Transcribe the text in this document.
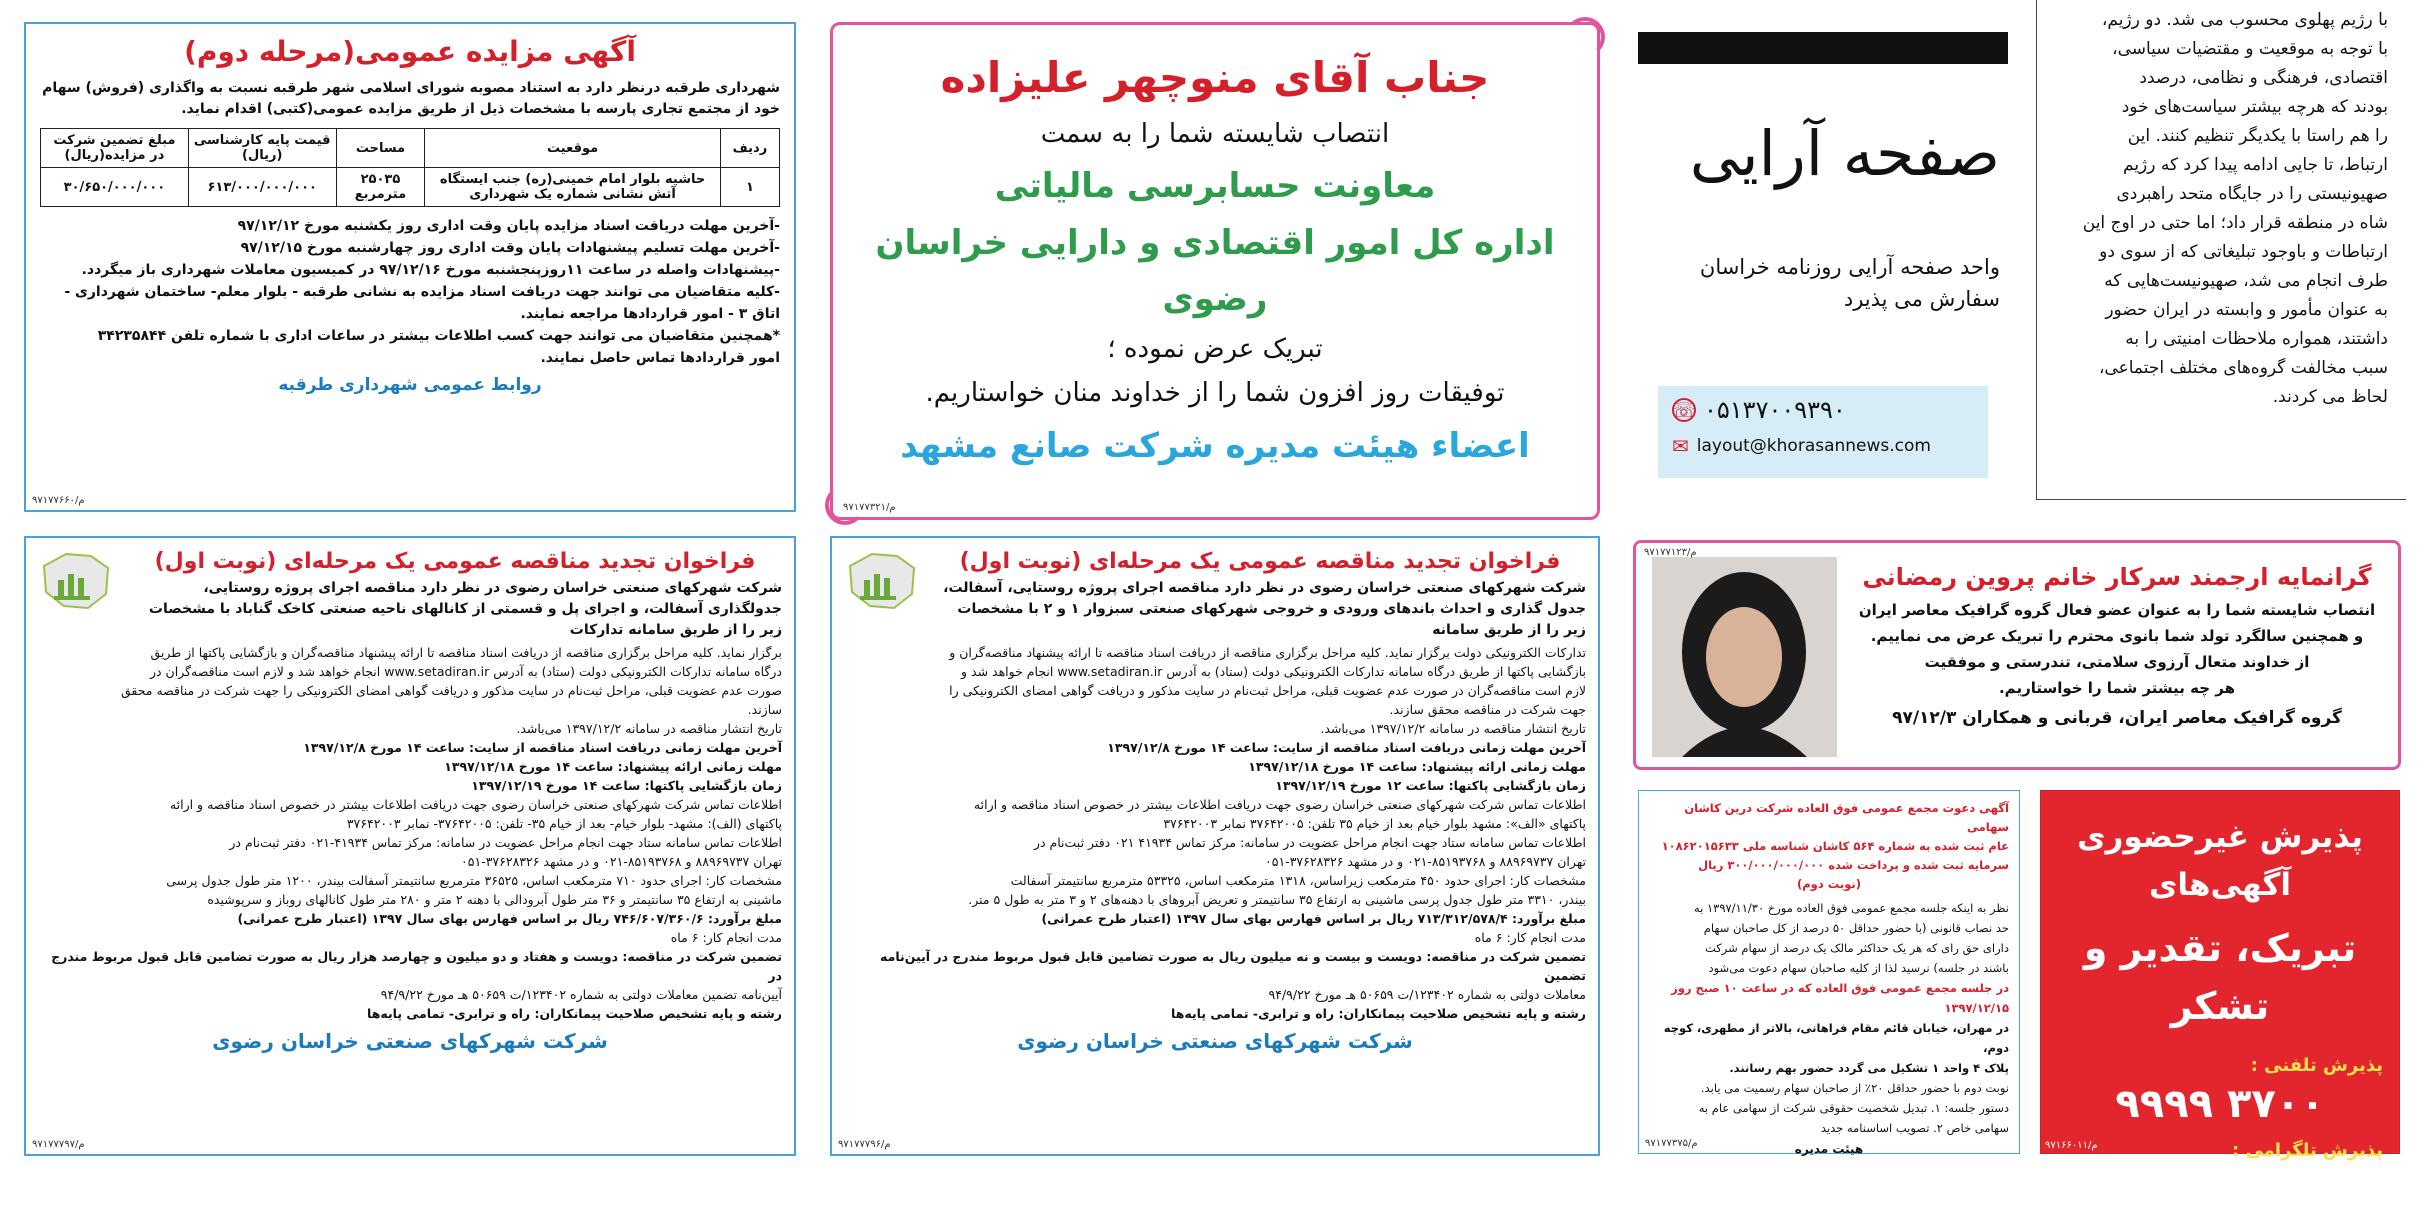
آگهی مزایده عمومی(مرحله دوم)
شهرداری طرقبه درنظر دارد به استناد مصوبه شورای اسلامی شهر طرقبه نسبت به واگذاری (فروش) سهام خود از مجتمع تجاری پارسه با مشخصات ذیل از طریق مزایده عمومی(کتبی) اقدام نماید.
ردیف	موقعیت	مساحت	قیمت پایه کارشناسی (ریال)	مبلغ تضمین شرکت در مزایده(ریال)
۱	حاشیه بلوار امام خمینی(ره) جنب ایستگاه آتش نشانی شماره یک شهرداری	۲۵۰۳۵ مترمربع	۶۱۳/۰۰۰/۰۰۰/۰۰۰	۳۰/۶۵۰/۰۰۰/۰۰۰
-آخرین مهلت دریافت اسناد مزایده پایان وقت اداری روز یکشنبه مورخ ۹۷/۱۲/۱۲
-آخرین مهلت تسلیم پیشنهادات پایان وقت اداری روز چهارشنبه مورخ ۹۷/۱۲/۱۵
-پیشنهادات واصله در ساعت ۱۱روزپنجشنبه مورخ ۹۷/۱۲/۱۶ در کمیسیون معاملات شهرداری باز میگردد.
-کلیه متقاضیان می توانند جهت دریافت اسناد مزایده به نشانی طرقبه - بلوار معلم- ساختمان شهرداری -
اتاق ۳ - امور قراردادها مراجعه نمایند.
*همچنین متقاضیان می توانند جهت کسب اطلاعات بیشتر در ساعات اداری با شماره تلفن ۳۴۲۳۵۸۴۴
امور قراردادها تماس حاصل نمایند.
روابط عمومی شهرداری طرقبه
۹۷۱۷۷۶۶۰/م
جناب آقای منوچهر علیزاده
انتصاب شایسته شما را به سمت
معاونت حسابرسی مالیاتی
اداره کل امور اقتصادی و دارایی خراسان رضوی
تبریک عرض نموده ؛
توفیقات روز افزون شما را از خداوند منان خواستاریم.
اعضاء هیئت مدیره شرکت صانع مشهد
۹۷۱۷۷۳۲۱/م
صفحه آرایی
واحد صفحه آرایی روزنامه خراسان
سفارش می پذیرد
☏ ۰۵۱۳۷۰۰۹۳۹۰
✉ layout@khorasannews.com
با رژیم پهلوی محسوب می شد. دو رژیم،
با توجه به موقعیت و مقتضیات سیاسی،
اقتصادی، فرهنگی و نظامی، درصدد
بودند که هرچه بیشتر سیاست‌های خود
را هم راستا با یکدیگر تنظیم کنند. این
ارتباط، تا جایی ادامه پیدا کرد که رژیم
صهیونیستی را در جایگاه متحد راهبردی
شاه در منطقه قرار داد؛ اما حتی در اوج این
ارتباطات و باوجود تبلیغاتی که از سوی دو
طرف انجام می شد، صهیونیست‌هایی که
به عنوان مأمور و وابسته در ایران حضور
داشتند، همواره ملاحظات امنیتی را به
سبب مخالفت گروه‌های مختلف اجتماعی،
لحاظ می کردند.
فراخوان تجدید مناقصه عمومی یک مرحله‌ای (نوبت اول)
شرکت شهرکهای صنعتی خراسان رضوی در نظر دارد مناقصه اجرای پروژه روستایی، جدولگذاری آسفالت، و اجرای پل و قسمتی از کانالهای ناحیه صنعتی کاخک گناباد با مشخصات زیر را از طریق سامانه تدارکات
برگزار نماید. کلیه مراحل برگزاری مناقصه از دریافت اسناد مناقصه تا ارائه پیشنهاد مناقصه‌گران و بازگشایی پاکتها از طریق
درگاه سامانه تدارکات الکترونیکی دولت (ستاد) به آدرس www.setadiran.ir انجام خواهد شد و لازم است مناقصه‌گران در
صورت عدم عضویت قبلی، مراحل ثبت‌نام در سایت مذکور و دریافت گواهی امضای الکترونیکی را جهت شرکت در مناقصه محقق
سازند.
تاریخ انتشار مناقصه در سامانه ۱۳۹۷/۱۲/۲ می‌باشد.
آخرین مهلت زمانی دریافت اسناد مناقصه از سایت: ساعت ۱۴ مورخ ۱۳۹۷/۱۲/۸
مهلت زمانی ارائه پیشنهاد: ساعت ۱۴ مورخ ۱۳۹۷/۱۲/۱۸
زمان بازگشایی پاکتها: ساعت ۱۴ مورخ ۱۳۹۷/۱۲/۱۹
اطلاعات تماس شرکت شهرکهای صنعتی خراسان رضوی جهت دریافت اطلاعات بیشتر در خصوص اسناد مناقصه و ارائه
پاکتهای (الف): مشهد- بلوار خیام- بعد از خیام ۳۵- تلفن: ۳۷۶۴۲۰۰۵- نمابر ۳۷۶۴۲۰۰۳
اطلاعات تماس سامانه ستاد جهت انجام مراحل عضویت در سامانه: مرکز تماس ۴۱۹۳۴-۰۲۱ دفتر ثبت‌نام در
تهران ۸۸۹۶۹۷۳۷ و ۸۵۱۹۳۷۶۸-۰۲۱ و در مشهد ۳۷۶۲۸۳۲۶-۰۵۱
مشخصات کار: اجرای حدود ۷۱۰ مترمکعب اساس، ۳۶۵۲۵ مترمربع سانتیمتر آسفالت بیندر، ۱۲۰۰ متر طول جدول پرسی
ماشینی به ارتفاع ۳۵ سانتیمتر و ۳۶ متر طول آبرودالی با دهنه ۲ متر و ۲۸۰ متر طول کانالهای روباز و سرپوشیده
مبلغ برآورد: ۷۴۶/۶۰۷/۳۶۰/۶ ریال بر اساس فهارس بهای سال ۱۳۹۷ (اعتبار طرح عمرانی)
مدت انجام کار: ۶ ماه
تضمین شرکت در مناقصه: دویست و هفتاد و دو میلیون و چهارصد هزار ریال به صورت تضامین قابل قبول مربوط مندرج در
آیین‌نامه تضمین معاملات دولتی به شماره ۱۲۳۴۰۲/ت ۵۰۶۵۹ هـ مورخ ۹۴/۹/۲۲
رشته و پایه تشخیص صلاحیت پیمانکاران: راه و ترابری- تمامی پایه‌ها
شرکت شهرکهای صنعتی خراسان رضوی
۹۷۱۷۷۷۹۷/م
فراخوان تجدید مناقصه عمومی یک مرحله‌ای (نوبت اول)
شرکت شهرکهای صنعتی خراسان رضوی در نظر دارد مناقصه اجرای پروژه روستایی، آسفالت، جدول گذاری و احداث باندهای ورودی و خروجی شهرکهای صنعتی سبزوار ۱ و ۲ با مشخصات زیر را از طریق سامانه
تدارکات الکترونیکی دولت برگزار نماید. کلیه مراحل برگزاری مناقصه از دریافت اسناد مناقصه تا ارائه پیشنهاد مناقصه‌گران و
بازگشایی پاکتها از طریق درگاه سامانه تدارکات الکترونیکی دولت (ستاد) به آدرس www.setadiran.ir انجام خواهد شد و
لازم است مناقصه‌گران در صورت عدم عضویت قبلی، مراحل ثبت‌نام در سایت مذکور و دریافت گواهی امضای الکترونیکی را
جهت شرکت در مناقصه محقق سازند.
تاریخ انتشار مناقصه در سامانه ۱۳۹۷/۱۲/۲ می‌باشد.
آخرین مهلت زمانی دریافت اسناد مناقصه از سایت: ساعت ۱۴ مورخ ۱۳۹۷/۱۲/۸
مهلت زمانی ارائه پیشنهاد: ساعت ۱۴ مورخ ۱۳۹۷/۱۲/۱۸
زمان بازگشایی پاکتها: ساعت ۱۲ مورخ ۱۳۹۷/۱۲/۱۹
اطلاعات تماس شرکت شهرکهای صنعتی خراسان رضوی جهت دریافت اطلاعات بیشتر در خصوص اسناد مناقصه و ارائه
پاکتهای «الف»: مشهد بلوار خیام بعد از خیام ۳۵ تلفن: ۳۷۶۴۲۰۰۵ نمابر ۳۷۶۴۲۰۰۳
اطلاعات تماس سامانه ستاد جهت انجام مراحل عضویت در سامانه: مرکز تماس ۴۱۹۳۴ ۰۲۱ دفتر ثبت‌نام در
تهران ۸۸۹۶۹۷۳۷ و ۸۵۱۹۳۷۶۸-۰۲۱ و در مشهد ۳۷۶۲۸۳۲۶-۰۵۱
مشخصات کار: اجرای حدود ۴۵۰ مترمکعب زیراساس، ۱۳۱۸ مترمکعب اساس، ۵۳۳۲۵ مترمربع سانتیمتر آسفالت
بیندر، ۳۳۱۰ متر طول جدول پرسی ماشینی به ارتفاع ۳۵ سانتیمتر و تعریض آبروهای با دهنه‌های ۲ و ۳ متر به طول ۵ متر.
مبلغ برآورد: ۷۱۳/۳۱۲/۵۷۸/۴ ریال بر اساس فهارس بهای سال ۱۳۹۷ (اعتبار طرح عمرانی)
مدت انجام کار: ۶ ماه
تضمین شرکت در مناقصه: دویست و بیست و نه میلیون ریال به صورت تضامین قابل قبول مربوط مندرج در آیین‌نامه تضمین
معاملات دولتی به شماره ۱۲۳۴۰۲/ت ۵۰۶۵۹ هـ مورخ ۹۴/۹/۲۲
رشته و پایه تشخیص صلاحیت پیمانکاران: راه و ترابری- تمامی پایه‌ها
شرکت شهرکهای صنعتی خراسان رضوی
۹۷۱۷۷۷۹۶/م
۹۷۱۷۷۱۲۳/م
گرانمایه ارجمند سرکار خانم پروین رمضانی
انتصاب شایسته شما را به عنوان عضو فعال گروه گرافیک معاصر ایران
و همچنین سالگرد تولد شما بانوی محترم را تبریک عرض می نماییم.
از خداوند متعال آرزوی سلامتی، تندرستی و موفقیت
هر چه بیشتر شما را خواستاریم.
گروه گرافیک معاصر ایران، قربانی و همکاران ۹۷/۱۲/۳
آگهی دعوت مجمع عمومی فوق العاده شرکت درین کاشان سهامی
عام ثبت شده به شماره ۵۶۴ کاشان شناسه ملی ۱۰۸۶۲۰۱۵۶۳۳
سرمایه ثبت شده و پرداخت شده ۳۰۰/۰۰۰/۰۰۰/۰۰۰ ریال
(نوبت دوم)
نظر به اینکه جلسه مجمع عمومی فوق العاده مورخ ۱۳۹۷/۱۱/۳۰ به
حد نصاب قانونی (با حضور حداقل ۵۰ درصد از کل صاحبان سهام
دارای حق رای که هر یک حداکثر مالک یک درصد از سهام شرکت
باشند در جلسه) نرسید لذا از کلیه صاحبان سهام دعوت می‌شود
در جلسه مجمع عمومی فوق العاده که در ساعت ۱۰ صبح روز ۱۳۹۷/۱۲/۱۵
در مهران، خیابان قائم مقام فراهانی، بالاتر از مطهری، کوچه دوم،
پلاک ۴ واحد ۱ تشکیل می گردد حضور بهم رسانند.
نوبت دوم با حضور حداقل ۲۰٪ از صاحبان سهام رسمیت می یابد.
دستور جلسه: ۱. تبدیل شخصیت حقوقی شرکت از سهامی عام به
سهامی خاص ۲. تصویب اساسنامه جدید
هیئت مدیره
۹۷۱۷۷۳۷۵/م
پذیرش غیرحضوری آگهی‌های
تبریک، تقدیر و تشکر
پذیرش تلفنی :
۳۷۰۰ ۹۹۹۹
پذیرش تلگرامی :
۰۹۱۵۴۷۱۱۳۰۰
۹۷۱۶۶۰۱۱/م
